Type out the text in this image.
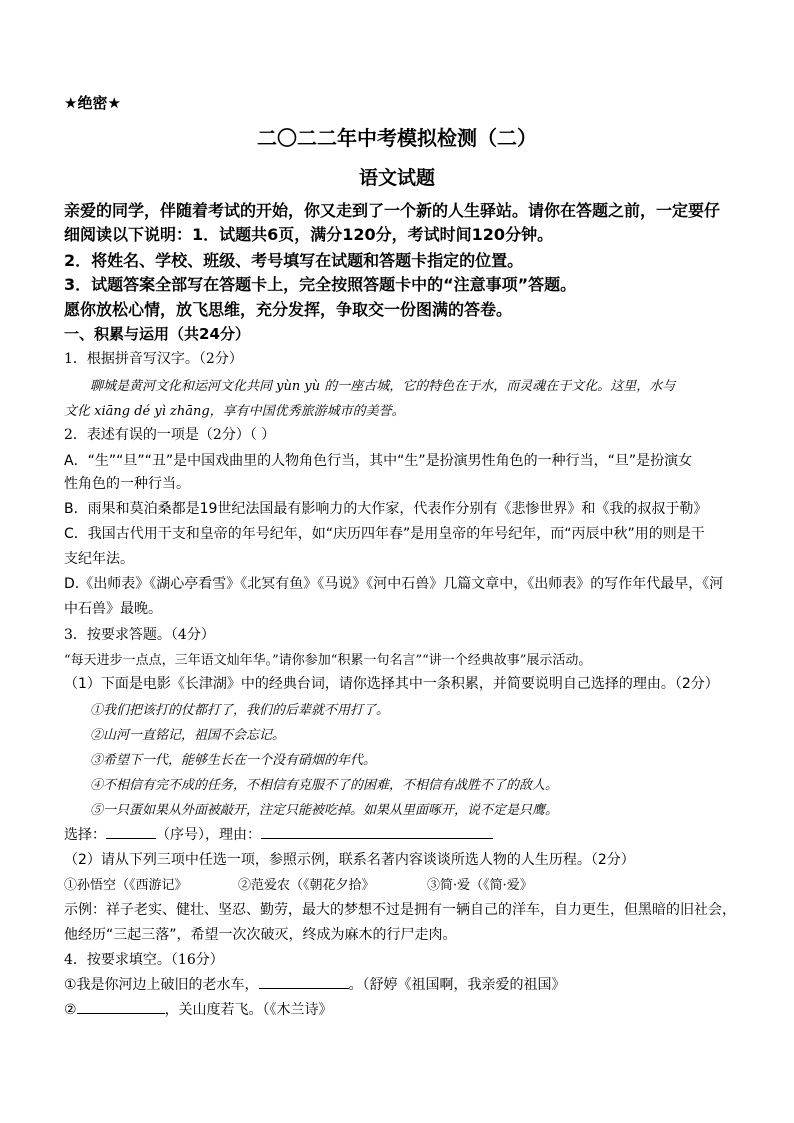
★绝密★
二〇二二年中考模拟检测（二）
语文试题
亲爱的同学，伴随着考试的开始，你又走到了一个新的人生驿站。请你在答题之前，一定要仔
细阅读以下说明：1．试题共6页，满分120分，考试时间120分钟。
2．将姓名、学校、班级、考号填写在试题和答题卡指定的位置。
3．试题答案全部写在答题卡上，完全按照答题卡中的“注意事项”答题。
愿你放松心情，放飞思维，充分发挥，争取交一份图满的答卷。
一、积累与运用（共24分）
1．根据拼音写汉字。（2分）
聊城是黄河文化和运河文化共同 yùn yù 的一座古城，它的特色在于水，而灵魂在于文化。这里，水与
文化 xiāng dé yì zhāng，享有中国优秀旅游城市的美誉。
2．表述有误的一项是（2分）（ ）
A．“生”“旦”“丑”是中国戏曲里的人物角色行当，其中“生”是扮演男性角色的一种行当，“旦”是扮演女
性角色的一种行当。
B．雨果和莫泊桑都是19世纪法国最有影响力的大作家，代表作分别有《悲惨世界》和《我的叔叔于勒》
C．我国古代用干支和皇帝的年号纪年，如“庆历四年春”是用皇帝的年号纪年，而“丙辰中秋”用的则是干
支纪年法。
D.《出师表》《湖心亭看雪》《北冥有鱼》《马说》《河中石兽》几篇文章中，《出师表》的写作年代最早，《河
中石兽》最晚。
3．按要求答题。（4分）
“每天进步一点点，三年语文灿年华。”请你参加“积累一句名言”“讲一个经典故事”展示活动。
（1）下面是电影《长津湖》中的经典台词，请你选择其中一条积累，并简要说明自己选择的理由。（2分）
①我们把该打的仗都打了，我们的后辈就不用打了。
②山河一直铭记，祖国不会忘记。
③希望下一代，能够生长在一个没有硝烟的年代。
④不相信有完不成的任务，不相信有克服不了的困难，不相信有战胜不了的敌人。
⑤一只蛋如果从外面被敲开，注定只能被吃掉。如果从里面啄开，说不定是只鹰。
选择：	（序号），理由：
（2）请从下列三项中任选一项，参照示例，联系名著内容谈谈所选人物的人生历程。（2分）
①孙悟空（《西游记》	②范爱农（《朝花夕拾》	③简·爱（《简·爱》
示例：祥子老实、健壮、坚忍、勤劳，最大的梦想不过是拥有一辆自己的洋车，自力更生，但黑暗的旧社会，
他经历“三起三落”，希望一次次破灭，终成为麻木的行尸走肉。
4．按要求填空。（16分）
①我是你河边上破旧的老水车，	。（舒婷《祖国啊，我亲爱的祖国》
②	，关山度若飞。（《木兰诗》
